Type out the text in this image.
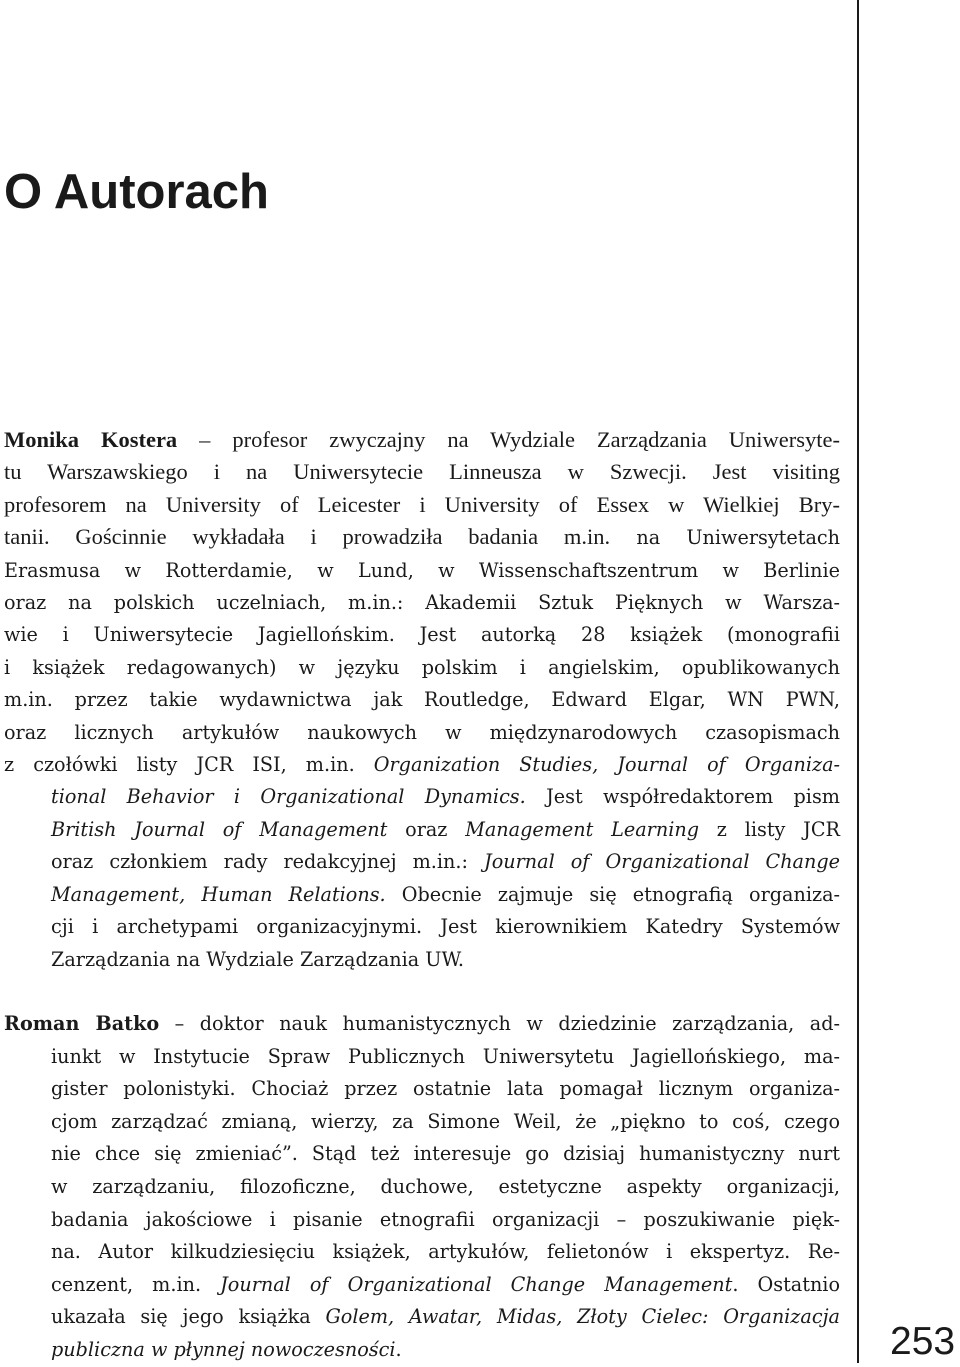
O Autorach
253
Monika Kostera – profesor zwyczajny na Wydziale Zarządzania Uniwersyte-
tu Warszawskiego i na Uniwersytecie Linneusza w Szwecji. Jest visiting
profesorem na University of Leicester i University of Essex w Wielkiej Bry-
tanii. Gościnnie wykładała i prowadziła badania m.in. na Uniwersytetach
Erasmusa w Rotterdamie, w Lund, w Wissenschaftszentrum w Berlinie
oraz na polskich uczelniach, m.in.: Akademii Sztuk Pięknych w Warsza-
wie i Uniwersytecie Jagiellońskim. Jest autorką 28 książek (monografii
i książek redagowanych) w języku polskim i angielskim, opublikowanych
m.in. przez takie wydawnictwa jak Routledge, Edward Elgar, WN PWN,
oraz licznych artykułów naukowych w międzynarodowych czasopismach
z czołówki listy JCR ISI, m.in. Organization Studies, Journal of Organiza-
tional Behavior i Organizational Dynamics. Jest współredaktorem pism
British Journal of Management oraz Management Learning z listy JCR
oraz członkiem rady redakcyjnej m.in.: Journal of Organizational Change
Management, Human Relations. Obecnie zajmuje się etnografią organiza-
cji i archetypami organizacyjnymi. Jest kierownikiem Katedry Systemów
Zarządzania na Wydziale Zarządzania UW.
Roman Batko – doktor nauk humanistycznych w dziedzinie zarządzania, ad-
iunkt w Instytucie Spraw Publicznych Uniwersytetu Jagiellońskiego, ma-
gister polonistyki. Chociaż przez ostatnie lata pomagał licznym organiza-
cjom zarządzać zmianą, wierzy, za Simone Weil, że „piękno to coś, czego
nie chce się zmieniać”. Stąd też interesuje go dzisiaj humanistyczny nurt
w zarządzaniu, filozoficzne, duchowe, estetyczne aspekty organizacji,
badania jakościowe i pisanie etnografii organizacji – poszukiwanie pięk-
na. Autor kilkudziesięciu książek, artykułów, felietonów i ekspertyz. Re-
cenzent, m.in. Journal of Organizational Change Management. Ostatnio
ukazała się jego książka Golem, Awatar, Midas, Złoty Cielec: Organizacja
publiczna w płynnej nowoczesności.
